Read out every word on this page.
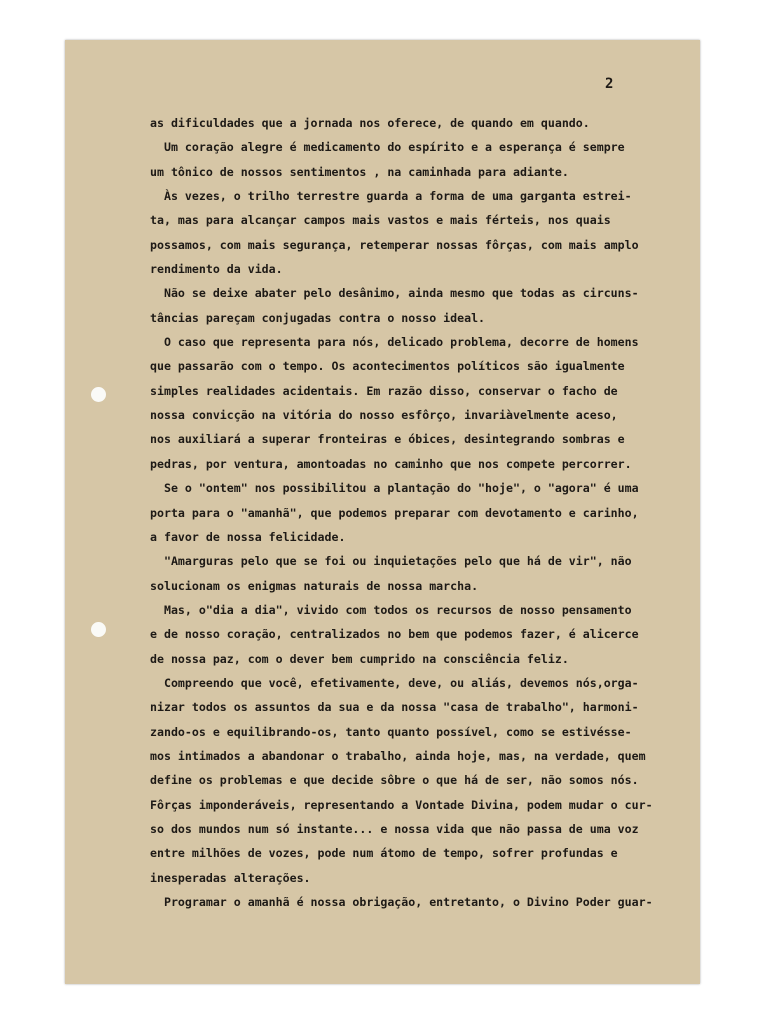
2
as dificuldades que a jornada nos oferece, de quando em quando.
Um coração alegre é medicamento do espírito e a esperança é sempre
um tônico de nossos sentimentos , na caminhada para adiante.
Às vezes, o trilho terrestre guarda a forma de uma garganta estrei-
ta, mas para alcançar campos mais vastos e mais férteis, nos quais
possamos, com mais segurança, retemperar nossas fôrças, com mais amplo
rendimento da vida.
Não se deixe abater pelo desânimo, ainda mesmo que todas as circuns-
tâncias pareçam conjugadas contra o nosso ideal.
O caso que representa para nós, delicado problema, decorre de homens
que passarão com o tempo. Os acontecimentos políticos são igualmente
simples realidades acidentais. Em razão disso, conservar o facho de
nossa convicção na vitória do nosso esfôrço, invariàvelmente aceso,
nos auxiliará a superar fronteiras e óbices, desintegrando sombras e
pedras, por ventura, amontoadas no caminho que nos compete percorrer.
Se o "ontem" nos possibilitou a plantação do "hoje", o "agora" é uma
porta para o "amanhã", que podemos preparar com devotamento e carinho,
a favor de nossa felicidade.
"Amarguras pelo que se foi ou inquietações pelo que há de vir", não
solucionam os enigmas naturais de nossa marcha.
Mas, o"dia a dia", vivido com todos os recursos de nosso pensamento
e de nosso coração, centralizados no bem que podemos fazer, é alicerce
de nossa paz, com o dever bem cumprido na consciência feliz.
Compreendo que você, efetivamente, deve, ou aliás, devemos nós,orga-
nizar todos os assuntos da sua e da nossa "casa de trabalho", harmoni-
zando-os e equilibrando-os, tanto quanto possível, como se estivésse-
mos intimados a abandonar o trabalho, ainda hoje, mas, na verdade, quem
define os problemas e que decide sôbre o que há de ser, não somos nós.
Fôrças imponderáveis, representando a Vontade Divina, podem mudar o cur-
so dos mundos num só instante... e nossa vida que não passa de uma voz
entre milhões de vozes, pode num átomo de tempo, sofrer profundas e
inesperadas alterações.
Programar o amanhã é nossa obrigação, entretanto, o Divino Poder guar-
